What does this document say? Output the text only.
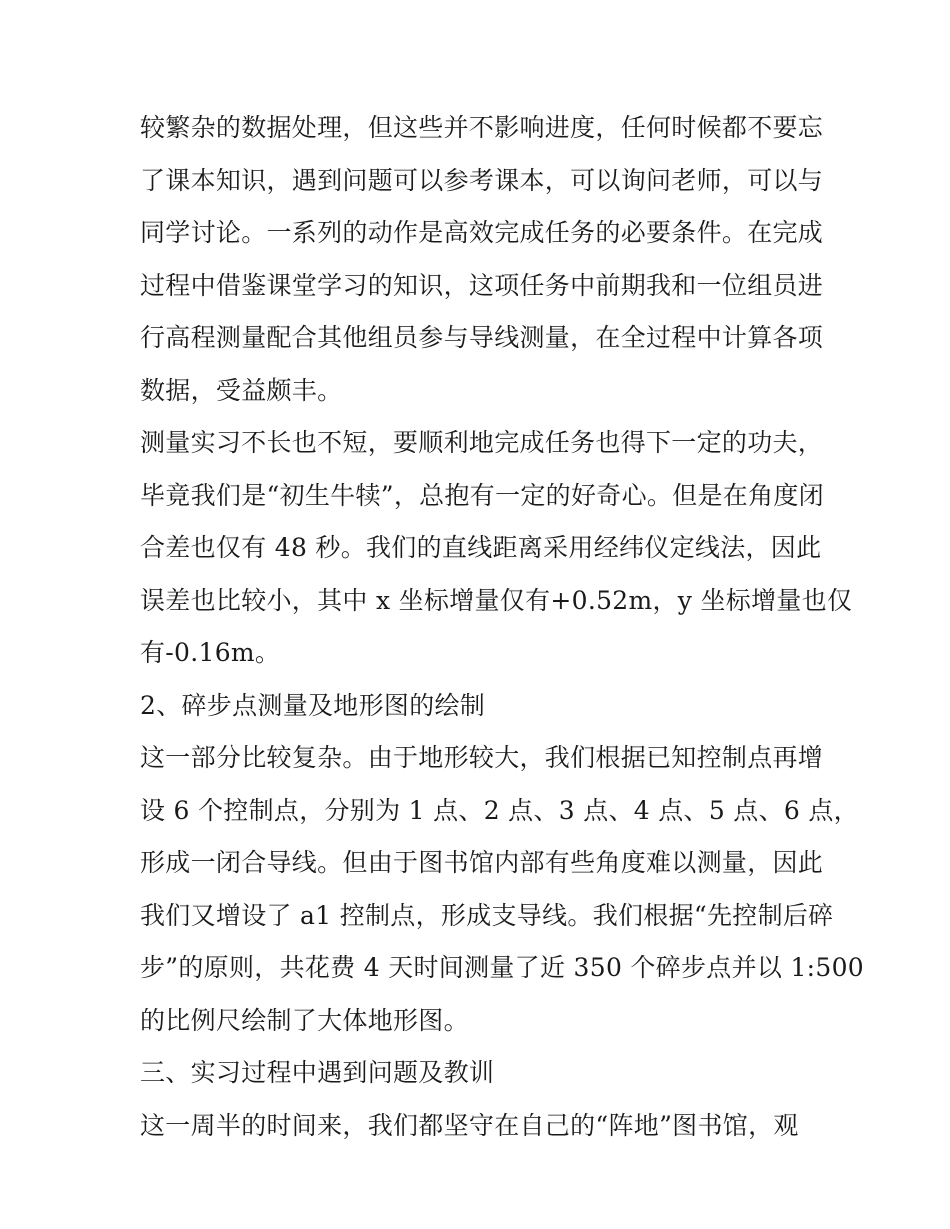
较繁杂的数据处理，但这些并不影响进度，任何时候都不要忘
了课本知识，遇到问题可以参考课本，可以询问老师，可以与
同学讨论。一系列的动作是高效完成任务的必要条件。在完成
过程中借鉴课堂学习的知识，这项任务中前期我和一位组员进
行高程测量配合其他组员参与导线测量，在全过程中计算各项
数据，受益颇丰。
测量实习不长也不短，要顺利地完成任务也得下一定的功夫，
毕竟我们是“初生牛犊”，总抱有一定的好奇心。但是在角度闭
合差也仅有 48 秒。我们的直线距离采用经纬仪定线法，因此
误差也比较小，其中 x 坐标增量仅有+0.52m，y 坐标增量也仅
有-0.16m。
2、碎步点测量及地形图的绘制
这一部分比较复杂。由于地形较大，我们根据已知控制点再增
设 6 个控制点，分别为 1 点、2 点、3 点、4 点、5 点、6 点，
形成一闭合导线。但由于图书馆内部有些角度难以测量，因此
我们又增设了 a1 控制点，形成支导线。我们根据“先控制后碎
步”的原则，共花费 4 天时间测量了近 350 个碎步点并以 1:500
的比例尺绘制了大体地形图。
三、实习过程中遇到问题及教训
这一周半的时间来，我们都坚守在自己的“阵地”图书馆，观
